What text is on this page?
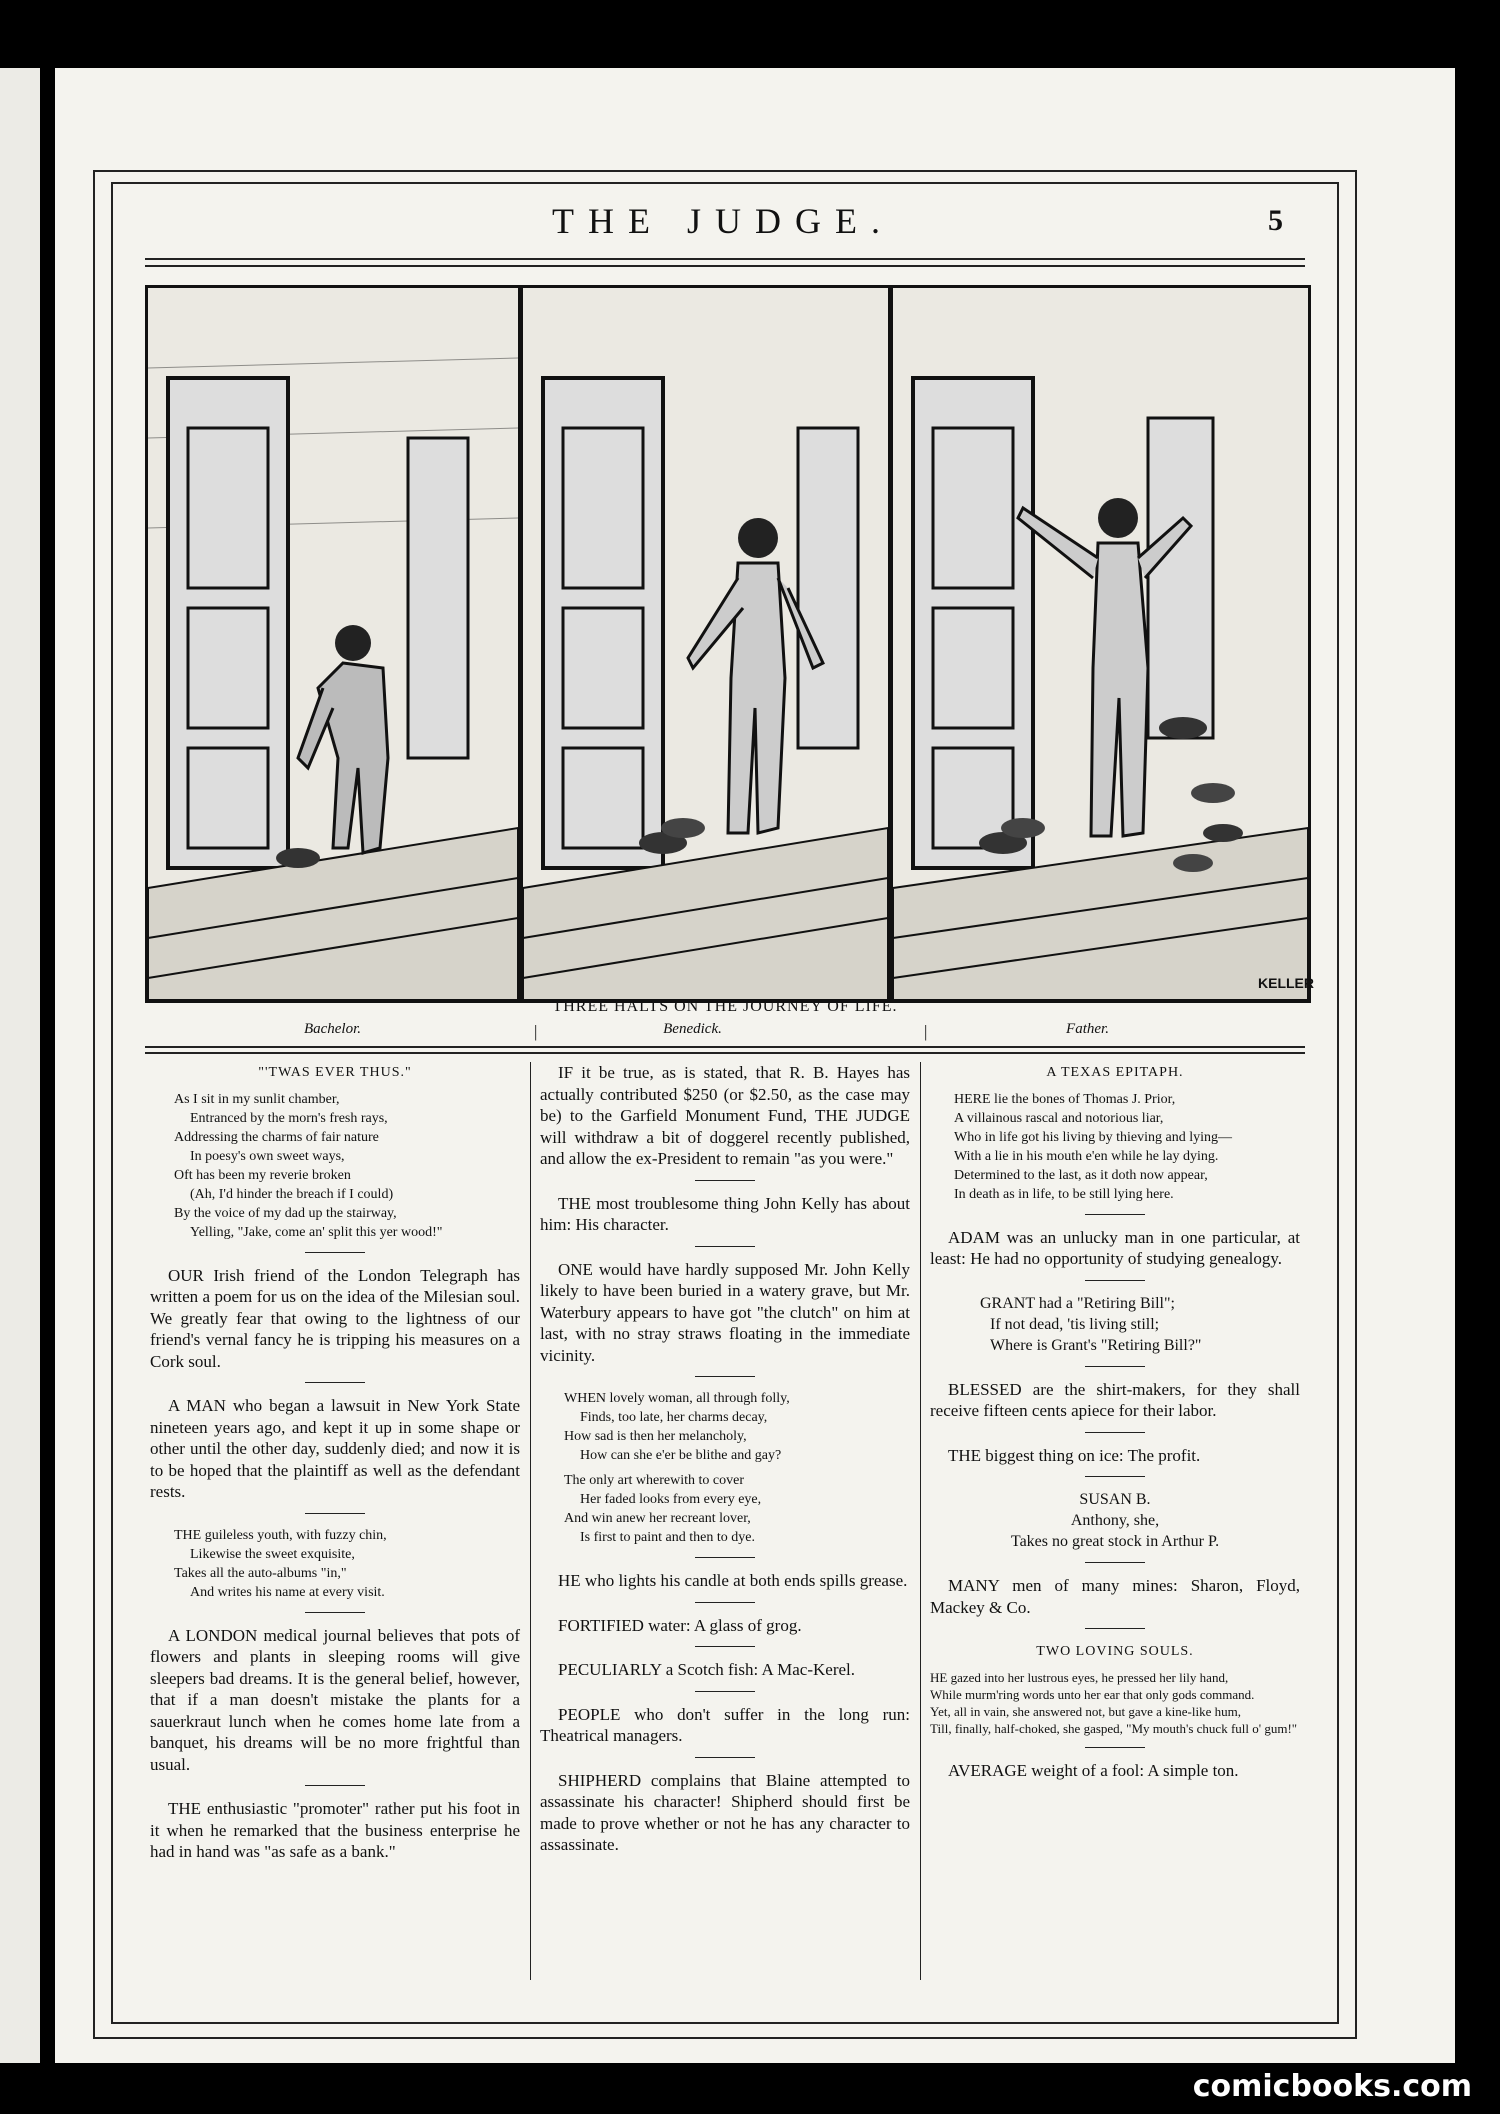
THE JUDGE.	5
KELLER
THREE HALTS ON THE JOURNEY OF LIFE.
Bachelor.	Benedick.	Father.
|	|
"'TWAS EVER THUS."
As I sit in my sunlit chamber,
Entranced by the morn's fresh rays,
Addressing the charms of fair nature
In poesy's own sweet ways,
Oft has been my reverie broken
(Ah, I'd hinder the breach if I could)
By the voice of my dad up the stairway,
Yelling, "Jake, come an' split this yer wood!"

OUR Irish friend of the London Telegraph has written a poem for us on the idea of the Milesian soul. We greatly fear that owing to the lightness of our friend's vernal fancy he is tripping his measures on a Cork soul.

A MAN who began a lawsuit in New York State nineteen years ago, and kept it up in some shape or other until the other day, suddenly died; and now it is to be hoped that the plaintiff as well as the defendant rests.

THE guileless youth, with fuzzy chin,
Likewise the sweet exquisite,
Takes all the auto-albums "in,"
And writes his name at every visit.

A LONDON medical journal believes that pots of flowers and plants in sleeping rooms will give sleepers bad dreams. It is the general belief, however, that if a man doesn't mistake the plants for a sauerkraut lunch when he comes home late from a banquet, his dreams will be no more frightful than usual.

THE enthusiastic "promoter" rather put his foot in it when he remarked that the business enterprise he had in hand was "as safe as a bank."

IF it be true, as is stated, that R. B. Hayes has actually contributed $250 (or $2.50, as the case may be) to the Garfield Monument Fund, THE JUDGE will withdraw a bit of doggerel recently published, and allow the ex-President to remain "as you were."

THE most troublesome thing John Kelly has about him: His character.

ONE would have hardly supposed Mr. John Kelly likely to have been buried in a watery grave, but Mr. Waterbury appears to have got "the clutch" on him at last, with no stray straws floating in the immediate vicinity.

WHEN lovely woman, all through folly,
Finds, too late, her charms decay,
How sad is then her melancholy,
How can she e'er be blithe and gay?
The only art wherewith to cover
Her faded looks from every eye,
And win anew her recreant lover,
Is first to paint and then to dye.

HE who lights his candle at both ends spills grease.

FORTIFIED water: A glass of grog.

PECULIARLY a Scotch fish: A Mac-Kerel.

PEOPLE who don't suffer in the long run: Theatrical managers.

SHIPHERD complains that Blaine attempted to assassinate his character! Shipherd should first be made to prove whether or not he has any character to assassinate.

A TEXAS EPITAPH.
HERE lie the bones of Thomas J. Prior,
A villainous rascal and notorious liar,
Who in life got his living by thieving and lying—
With a lie in his mouth e'en while he lay dying.
Determined to the last, as it doth now appear,
In death as in life, to be still lying here.

ADAM was an unlucky man in one particular, at least: He had no opportunity of studying genealogy.

GRANT had a "Retiring Bill";
If not dead, 'tis living still;
Where is Grant's "Retiring Bill?"

BLESSED are the shirt-makers, for they shall receive fifteen cents apiece for their labor.

THE biggest thing on ice: The profit.

SUSAN B.
Anthony, she,
Takes no great stock in Arthur P.

MANY men of many mines: Sharon, Floyd, Mackey & Co.

TWO LOVING SOULS.
HE gazed into her lustrous eyes, he pressed her lily hand,
While murm'ring words unto her ear that only gods command.
Yet, all in vain, she answered not, but gave a kine-like hum,
Till, finally, half-choked, she gasped, "My mouth's chuck full o' gum!"

AVERAGE weight of a fool: A simple ton.

comicbooks.com
